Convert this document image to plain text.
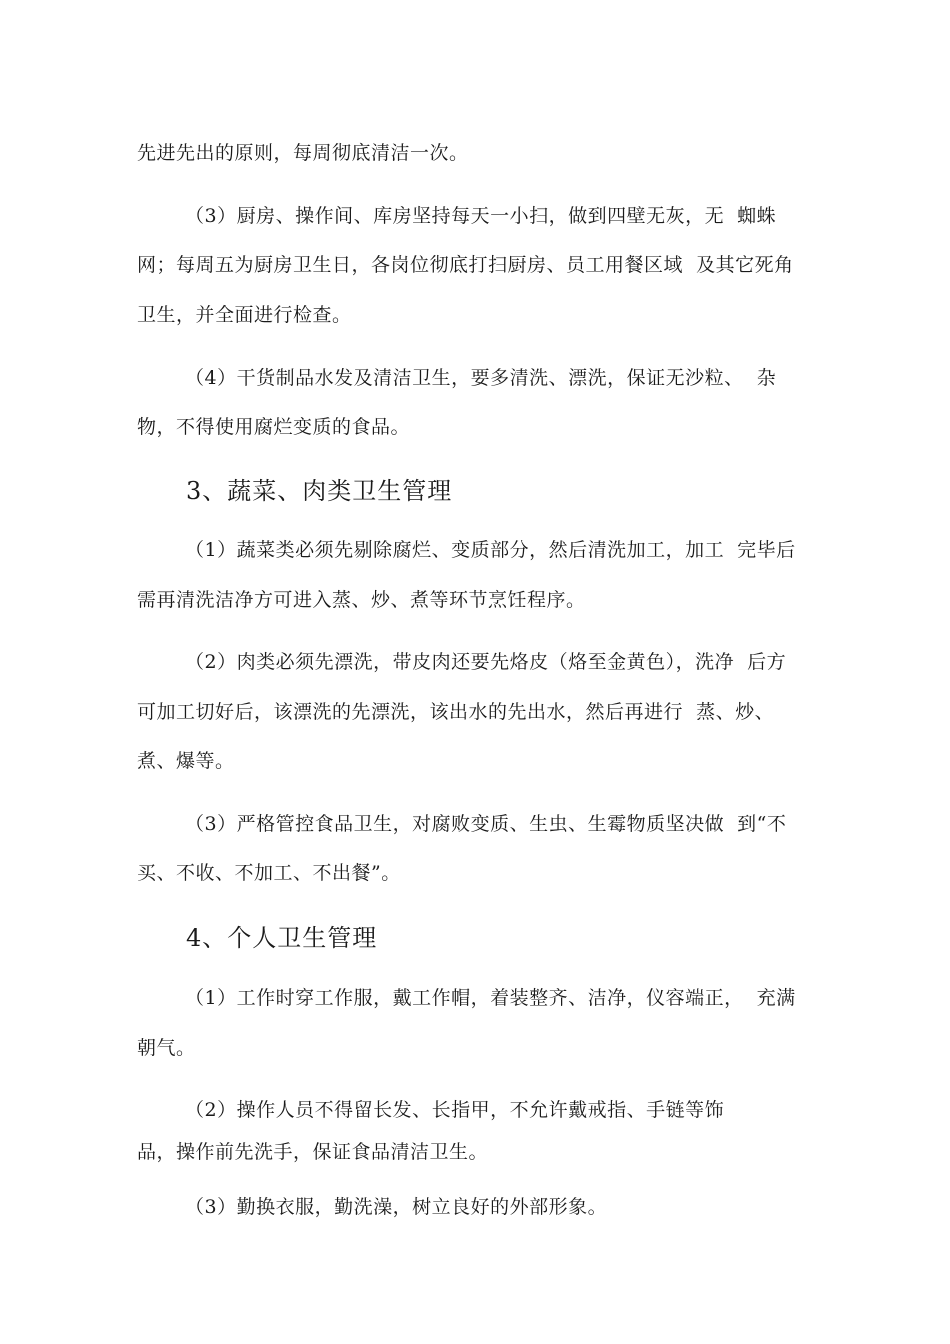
先进先出的原则，每周彻底清洁一次。
（3）厨房、操作间、库房坚持每天一小扫，做到四壁无灰，无  蜘蛛
网；每周五为厨房卫生日，各岗位彻底打扫厨房、员工用餐区域  及其它死角
卫生，并全面进行检查。
（4）干货制品水发及清洁卫生，要多清洗、漂洗，保证无沙粒、  杂
物，不得使用腐烂变质的食品。
3、蔬菜、肉类卫生管理
（1）蔬菜类必须先剔除腐烂、变质部分，然后清洗加工，加工  完毕后
需再清洗洁净方可进入蒸、炒、煮等环节烹饪程序。
（2）肉类必须先漂洗，带皮肉还要先烙皮（烙至金黄色），洗净  后方
可加工切好后，该漂洗的先漂洗，该出水的先出水，然后再进行  蒸、炒、
煮、爆等。
（3）严格管控食品卫生，对腐败变质、生虫、生霉物质坚决做  到“不
买、不收、不加工、不出餐”。
4、个人卫生管理
（1）工作时穿工作服，戴工作帽，着装整齐、洁净，仪容端正，  充满
朝气。
（2）操作人员不得留长发、长指甲，不允许戴戒指、手链等饰
品，操作前先洗手，保证食品清洁卫生。
（3）勤换衣服，勤洗澡，树立良好的外部形象。
